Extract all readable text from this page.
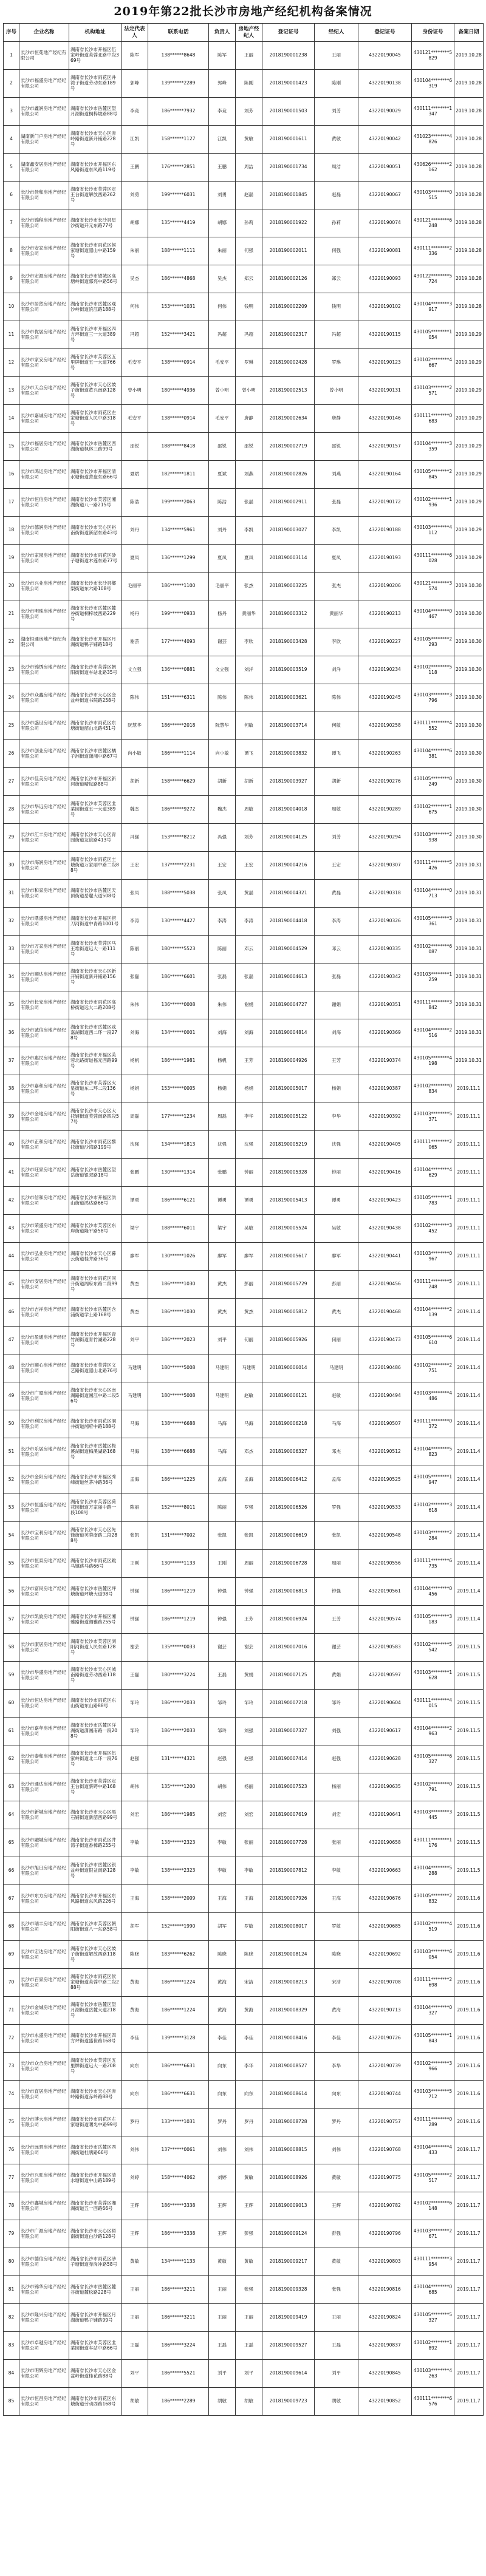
2019年第22批长沙市房地产经纪机构备案情况
序号	企业名称	机构地址	法定代表人	联系电话	负责人	房地产经纪人	登记证号	经纪人	登记证号	身份证号	备案日期
1	长沙市恒苑地产经纪有限公司	湖南省长沙市开福区伍家岭街道芙蓉北路中段369号	陈军	138******8648	陈军	王丽	2018190001238	王丽	43220190045	430121********5829	2019.10.28
2	长沙市福盛房地产经纪有限公司	湖南省长沙市雨花区井湾子街道劳动东路189号	郭峰	139******2289	郭峰	陈刚	2018190001423	陈刚	43220190138	430104********6319	2019.10.28
3	长沙市鑫润房地产经纪有限公司	湖南省长沙市岳麓区望月湖街道桐梓坡路88号	李竞	186******7932	李竞	刘芳	2018190001503	刘芳	43220190029	430111********1347	2019.10.28
4	湖南新门户房地产经纪有限公司	湖南省长沙市天心区赤岭路街道新开铺路228号	江凯	158******1127	江凯	黄敏	2018190001611	黄敏	43220190042	431023********4826	2019.10.28
5	湖南鑫安居房地产经纪有限公司	湖南省长沙市开福区东风路街道东风路119号	王鹏	176******2851	王鹏	周洁	2018190001734	周洁	43220190051	430626********2162	2019.10.28
6	长沙市佳和房地产经纪有限公司	湖南省长沙市芙蓉区定王台街道解放西路262号	刘勇	199******6031	刘勇	赵磊	2018190001845	赵磊	43220190067	430103********0515	2019.10.28
7	长沙市锦程房地产经纪有限公司	湖南省长沙市长沙县星沙街道开元东路77号	胡娜	135******4419	胡娜	孙莉	2018190001922	孙莉	43220190074	430121********6248	2019.10.28
8	长沙市安家房地产经纪有限公司	湖南省长沙市雨花区侯家塘街道韶山中路159号	朱丽	188******1111	朱丽	何强	2018190002011	何强	43220190081	430111********2336	2019.10.28
9	长沙市宏源房地产经纪有限公司	湖南省长沙市望城区高塘岭街道郭亮中路56号	吴杰	186******4868	吴杰	郑云	2018190002126	郑云	43220190093	430122********5724	2019.10.28
10	长沙市居然房地产经纪有限公司	湖南省长沙市岳麓区观沙岭街道滨江路188号	何伟	153******1031	何伟	钱明	2018190002209	钱明	43220190102	430104********3917	2019.10.28
11	长沙市优居房地产经纪有限公司	湖南省长沙市开福区四方坪街道三一大道389号	冯超	152******3421	冯超	冯超	2018190002317	冯超	43220190115	430105********1054	2019.10.29
12	长沙市家安房地产经纪有限公司	湖南省长沙市芙蓉区五里牌街道五一大道766号	毛安平	138******0914	毛安平	罗琳	2018190002428	罗琳	43220190123	430102********4667	2019.10.29
13	长沙市天合房地产经纪有限公司	湖南省长沙市天心区坡子街街道黄兴南路128号	曾小明	180******4936	曾小明	曾小明	2018190002513	曾小明	43220190131	430103********2571	2019.10.29
14	长沙市嘉诚房地产经纪有限公司	湖南省长沙市雨花区左家塘街道人民中路318号	毛安平	138******0914	毛安平	唐静	2018190002634	唐静	43220190146	430111********0683	2019.10.29
15	长沙市福居房地产经纪有限公司	湖南省长沙市岳麓区西湖街道枫林三路99号	邵锐	188******8418	邵锐	邵锐	2018190002719	邵锐	43220190157	430104********3359	2019.10.29
16	长沙市鸿运房地产经纪有限公司	湖南省长沙市开福区清水塘街道营盘东路66号	夏斌	182******1811	夏斌	刘燕	2018190002826	刘燕	43220190164	430105********2845	2019.10.29
17	长沙市恒信房地产经纪有限公司	湖南省长沙市芙蓉区湘湖街道八一路215号	陈浩	199******2063	陈浩	张磊	2018190002911	张磊	43220190172	430102********1936	2019.10.29
18	长沙市德润房地产经纪有限公司	湖南省长沙市天心区裕南街街道新韶东路43号	刘丹	134******5961	刘丹	李凯	2018190003027	李凯	43220190188	430103********4112	2019.10.29
19	长沙市家园房地产经纪有限公司	湖南省长沙市雨花区砂子塘街道木莲东路77号	夏凤	136******1299	夏凤	夏凤	2018190003114	夏凤	43220190193	430111********6028	2019.10.29
20	长沙市兴业房地产经纪有限公司	湖南省长沙市长沙县榔梨街道东六路108号	毛丽平	186******1100	毛丽平	张杰	2018190003225	张杰	43220190206	430121********3574	2019.10.30
21	长沙市明珠房地产经纪有限公司	湖南省长沙市岳麓区麓谷街道桐梓坡西路229号	杨丹	199******0933	杨丹	黄丽华	2018190003312	黄丽华	43220190213	430104********0467	2019.10.30
22	湖南恒通房地产经纪有限公司	湖南省长沙市开福区月湖街道鸭子铺路18号	谢芸	177******4093	谢芸	李欣	2018190003428	李欣	43220190227	430105********2293	2019.10.30
23	长沙市锦绣房地产经纪有限公司	湖南省长沙市芙蓉区朝阳街街道车站北路35号	文立强	136******0881	文立强	刘洋	2018190003519	刘洋	43220190234	430102********5118	2019.10.30
24	长沙市众鑫房地产经纪有限公司	湖南省长沙市天心区金盆岭街道书院路258号	陈伟	151******6311	陈伟	陈伟	2018190003621	陈伟	43220190245	430103********3796	2019.10.30
25	长沙市盛世房地产经纪有限公司	湖南省长沙市雨花区东塘街道韶山北路451号	阮慧华	186******2018	阮慧华	何敏	2018190003714	何敏	43220190258	430111********4552	2019.10.30
26	长沙市创业房地产经纪有限公司	湖南省长沙市岳麓区橘子洲街道潇湘中路67号	向小敏	186******1114	向小敏	谭飞	2018190003832	谭飞	43220190263	430104********6381	2019.10.30
27	长沙市佳美房地产经纪有限公司	湖南省长沙市开福区新河街道晴岚路88号	胡新	158******6629	胡新	胡新	2018190003927	胡新	43220190276	430105********0249	2019.10.30
28	长沙市华远房地产经纪有限公司	湖南省长沙市芙蓉区韭菜园街道五一大道389号	魏杰	186******9272	魏杰	周敏	2018190004018	周敏	43220190289	430102********1675	2019.10.30
29	长沙市汇丰房地产经纪有限公司	湖南省长沙市天心区青园街道友谊路413号	冯强	153******8212	冯强	刘芳	2018190004125	刘芳	43220190294	430103********2938	2019.10.30
30	长沙市海润房地产经纪有限公司	湖南省长沙市雨花区圭塘街道万家丽中路二段88号	王宏	137******2231	王宏	王宏	2018190004216	王宏	43220190307	430111********5426	2019.10.31
31	长沙市和家房地产经纪有限公司	湖南省长沙市岳麓区天顶街道岳麓大道508号	张凤	188******5038	张凤	黄磊	2018190004321	黄磊	43220190318	430104********0713	2019.10.31
32	长沙市鼎盛房地产经纪有限公司	湖南省长沙市开福区捞刀河街道中青路1001号	李涛	130******4427	李涛	李涛	2018190004418	李涛	43220190326	430105********3361	2019.10.31
33	长沙市万家房地产经纪有限公司	湖南省长沙市芙蓉区马王堆街道远大一路111号	陈丽	180******5523	陈丽	邓云	2018190004529	邓云	43220190335	430102********6087	2019.10.31
34	长沙市顺达房地产经纪有限公司	湖南省长沙市天心区新开铺街道新开铺路156号	张磊	186******6601	张磊	张磊	2018190004613	张磊	43220190342	430103********1259	2019.10.31
35	长沙市长安房地产经纪有限公司	湖南省长沙市雨花区高桥街道远大二路208号	朱伟	136******0008	朱伟	谢娟	2018190004727	谢娟	43220190351	430111********3842	2019.10.31
36	长沙市诚信房地产经纪有限公司	湖南省长沙市岳麓区咸嘉湖街道西二环一段278号	刘海	134******0001	刘海	刘海	2018190004814	刘海	43220190369	430104********2516	2019.10.31
37	长沙市惠民房地产经纪有限公司	湖南省长沙市开福区芙蓉北路街道福元西路99号	杨帆	186******1981	杨帆	王芳	2018190004926	王芳	43220190374	430105********4198	2019.10.31
38	长沙市嘉和房地产经纪有限公司	湖南省长沙市芙蓉区火星街道东二环二段136号	杨娟	153******0005	杨娟	杨娟	2018190005017	杨娟	43220190387	430102********0834	2019.11.1
39	长沙市金地房地产经纪有限公司	湖南省长沙市天心区大托铺街道芙蓉南路四段57号	周磊	177******1234	周磊	李华	2018190005122	李华	43220190392	430103********5371	2019.11.1
40	长沙市正和房地产经纪有限公司	湖南省长沙市雨花区黎托街道沙湾路199号	沈强	134******1813	沈强	沈强	2018190005219	沈强	43220190405	430111********2065	2019.11.1
41	长沙市旺家房地产经纪有限公司	湖南省长沙市岳麓区望岳街道银双路18号	张鹏	130******1314	张鹏	钟丽	2018190005328	钟丽	43220190416	430104********4629	2019.11.1
42	长沙市信和房地产经纪有限公司	湖南省长沙市开福区洪山街道鸿达路66号	谭勇	186******6121	谭勇	谭勇	2018190005413	谭勇	43220190423	430105********1783	2019.11.1
43	长沙市荣盛房地产经纪有限公司	湖南省长沙市芙蓉区东岸街道隆平路58号	梁宇	188******6011	梁宇	吴敏	2018190005524	吴敏	43220190438	430102********3452	2019.11.1
44	长沙市弘业房地产经纪有限公司	湖南省长沙市天心区暮云街道桂井路36号	廖军	130******1026	廖军	廖军	2018190005617	廖军	43220190441	430103********0967	2019.11.1
45	长沙市安居房地产经纪有限公司	湖南省长沙市雨花区同升街道湘府东路二段99号	黄杰	186******1030	黄杰	彭丽	2018190005729	彭丽	43220190456	430111********5248	2019.11.1
46	长沙市吉祥房地产经纪有限公司	湖南省长沙市岳麓区含浦街道学士路168号	黄杰	186******1030	黄杰	黄杰	2018190005812	黄杰	43220190468	430104********2139	2019.11.4
47	长沙市盈通房地产经纪有限公司	湖南省长沙市开福区青竹湖街道青竹湖路228号	刘平	186******2023	刘平	何丽	2018190005926	何丽	43220190473	430105********6610	2019.11.4
48	长沙市顺心房地产经纪有限公司	湖南省长沙市芙蓉区文艺路街道韶山北路76号	马建明	180******5008	马建明	马建明	2018190006014	马建明	43220190486	430102********2751	2019.11.4
49	长沙市广厦房地产经纪有限公司	湖南省长沙市天心区南湖路街道湘江中路二段56号	马建明	180******5008	马建明	赵敏	2018190006121	赵敏	43220190494	430103********4486	2019.11.4
50	长沙市利民房地产经纪有限公司	湖南省长沙市雨花区洞井街道湘府中路188号	马海	138******6688	马海	马海	2018190006218	马海	43220190507	430111********0372	2019.11.4
51	长沙市乐居房地产经纪有限公司	湖南省长沙市岳麓区梅溪湖街道梅溪湖路168号	马海	138******6688	马海	邓杰	2018190006327	邓杰	43220190512	430104********5823	2019.11.4
52	长沙市金阳房地产经纪有限公司	湖南省长沙市开福区秀峰街道丝茅冲路36号	孟海	186******1225	孟海	孟海	2018190006412	孟海	43220190525	430105********1947	2019.11.4
53	长沙市恒盛房地产经纪有限公司	湖南省长沙市芙蓉区荷花园街道万家丽中路一段108号	陈丽	152******8011	陈丽	罗强	2018190006526	罗强	43220190533	430102********3618	2019.11.4
54	长沙市宝利房地产经纪有限公司	湖南省长沙市天心区先锋街道芙蓉南路二段288号	张凯	131******7002	张凯	张凯	2018190006619	张凯	43220190548	430103********2284	2019.11.4
55	长沙市恒泰房地产经纪有限公司	湖南省长沙市雨花区跳马镇跳马路66号	王刚	130******1133	王刚	周丽	2018190006728	周丽	43220190556	430111********6735	2019.11.4
56	长沙市富民房地产经纪有限公司	湖南省长沙市岳麓区坪塘街道坪塘大道98号	钟强	186******1219	钟强	钟强	2018190006813	钟强	43220190561	430104********0456	2019.11.4
57	长沙市凯旋房地产经纪有限公司	湖南省长沙市开福区湘雅路街道湘雅路255号	钟强	186******1219	钟强	王芳	2018190006924	王芳	43220190574	430105********3183	2019.11.4
58	长沙市康居房地产经纪有限公司	湖南省长沙市芙蓉区浏阳河街道人民东路128号	谢芸	135******0033	谢芸	谢芸	2018190007016	谢芸	43220190583	430102********5542	2019.11.5
59	长沙市华盛房地产经纪有限公司	湖南省长沙市天心区城南路街道劳动西路118号	王磊	180******3224	王磊	黄娟	2018190007125	黄娟	43220190597	430103********1628	2019.11.5
60	长沙市恒达房地产经纪有限公司	湖南省长沙市雨花区东山街道东山路88号	邹玲	186******2033	邹玲	邹玲	2018190007218	邹玲	43220190604	430111********4015	2019.11.5
61	长沙市嘉年房地产经纪有限公司	湖南省长沙市岳麓区洋湖街道潇湘南路一段208号	邹玲	186******2033	邹玲	刘强	2018190007327	刘强	43220190617	430104********2963	2019.11.5
62	长沙市泰和房地产经纪有限公司	湖南省长沙市开福区伍家岭街道北二环一段76号	赵强	131******4321	赵强	赵强	2018190007414	赵强	43220190628	430105********6327	2019.11.5
63	长沙市通达房地产经纪有限公司	湖南省长沙市芙蓉区定王台街道蔡锷中路168号	胡伟	135******1200	胡伟	杨丽	2018190007523	杨丽	43220190635	430102********0791	2019.11.5
64	长沙市新城房地产经纪有限公司	湖南省长沙市天心区黑石铺街道新韶西路99号	刘宏	186******1985	刘宏	刘宏	2018190007619	刘宏	43220190641	430103********3445	2019.11.5
65	长沙市融城房地产经纪有限公司	湖南省长沙市雨花区井湾子街道香樟路255号	李敏	138******2323	李敏	张丽	2018190007728	张丽	43220190658	430111********1176	2019.11.5
66	长沙市旭日房地产经纪有限公司	湖南省长沙市岳麓区银盆岭街道银盆南路128号	李敏	138******2323	李敏	李敏	2018190007812	李敏	43220190663	430104********5288	2019.11.5
67	长沙市东方房地产经纪有限公司	湖南省长沙市开福区东风路街道东风路226号	王海	138******2009	王海	王海	2018190007926	王海	43220190676	430105********2832	2019.11.6
68	长沙市瑞丰房地产经纪有限公司	湖南省长沙市芙蓉区朝阳街街道八一东路58号	胡军	152******1990	胡军	罗敏	2018190008017	罗敏	43220190685	430102********4519	2019.11.6
69	长沙市宏达房地产经纪有限公司	湖南省长沙市天心区坡子街街道解放西路118号	陈晓	183******6262	陈晓	陈晓	2018190008124	陈晓	43220190692	430103********6054	2019.11.6
70	长沙市百家房地产经纪有限公司	湖南省长沙市雨花区侯家塘街道芙蓉中路二段288号	黄海	186******1224	黄海	宋洁	2018190008213	宋洁	43220190708	430111********2698	2019.11.6
71	长沙市金城房地产经纪有限公司	湖南省长沙市岳麓区望月湖街道岳麓大道218号	黄海	186******1224	黄海	黄海	2018190008329	黄海	43220190713	430104********0327	2019.11.6
72	长沙市永盛房地产经纪有限公司	湖南省长沙市开福区四方坪街道盛世路168号	李佳	139******3128	李佳	李佳	2018190008416	李佳	43220190726	430105********1843	2019.11.6
73	长沙市众合房地产经纪有限公司	湖南省长沙市芙蓉区五里牌街道远大一路208号	向东	186******6631	向东	李华	2018190008527	李华	43220190739	430102********3966	2019.11.6
74	长沙市宜居房地产经纪有限公司	湖南省长沙市天心区赤岭路街道赤岭路88号	向东	186******6631	向东	向东	2018190008614	向东	43220190744	430103********5712	2019.11.6
75	长沙市博大房地产经纪有限公司	湖南省长沙市雨花区左家塘街道曙光中路99号	罗丹	133******1031	罗丹	罗丹	2018190008728	罗丹	43220190757	430111********0289	2019.11.6
76	长沙市远景房地产经纪有限公司	湖南省长沙市岳麓区西湖街道杜鹃路66号	刘伟	137******0061	刘伟	刘伟	2018190008815	刘伟	43220190768	430104********4433	2019.11.7
77	长沙市兴旺房地产经纪有限公司	湖南省长沙市开福区清水塘街道中山路189号	刘婷	158******4062	刘婷	黄敏	2018190008926	黄敏	43220190775	430105********2517	2019.11.7
78	长沙市鑫城房地产经纪有限公司	湖南省长沙市芙蓉区湘湖街道五一西路66号	王辉	186******3338	王辉	王辉	2018190009013	王辉	43220190782	430102********6148	2019.11.7
79	长沙市广源房地产经纪有限公司	湖南省长沙市天心区裕南街街道白沙路128号	王辉	186******3338	王辉	彭强	2018190009124	彭强	43220190796	430103********2671	2019.11.7
80	长沙市德信房地产经纪有限公司	湖南省长沙市雨花区砂子塘街道赤岗冲路58号	黄敏	134******1133	黄敏	黄敏	2018190009217	黄敏	43220190803	430111********3954	2019.11.7
81	长沙市锦华房地产经纪有限公司	湖南省长沙市岳麓区麓谷街道麓松路228号	王丽	186******3211	王丽	张强	2018190009328	张强	43220190816	430104********0685	2019.11.7
82	长沙市隆兴房地产经纪有限公司	湖南省长沙市开福区月湖街道鸭子铺路99号	王丽	186******3211	王丽	王丽	2018190009419	王丽	43220190824	430105********5327	2019.11.7
83	长沙市卓越房地产经纪有限公司	湖南省长沙市芙蓉区韭菜园街道车站中路66号	王磊	186******3224	王磊	王磊	2018190009527	王磊	43220190837	430102********1892	2019.11.7
84	长沙市明辉房地产经纪有限公司	湖南省长沙市天心区金盆岭街道桂花路88号	刘平	186******5521	刘平	刘平	2018190009614	刘平	43220190845	430103********4263	2019.11.7
85	长沙市恒昌房地产经纪有限公司	湖南省长沙市雨花区东塘街道劳动西路168号	胡敏	186******2289	胡敏	胡敏	2018190009723	胡敏	43220190852	430111********6576	2019.11.7
